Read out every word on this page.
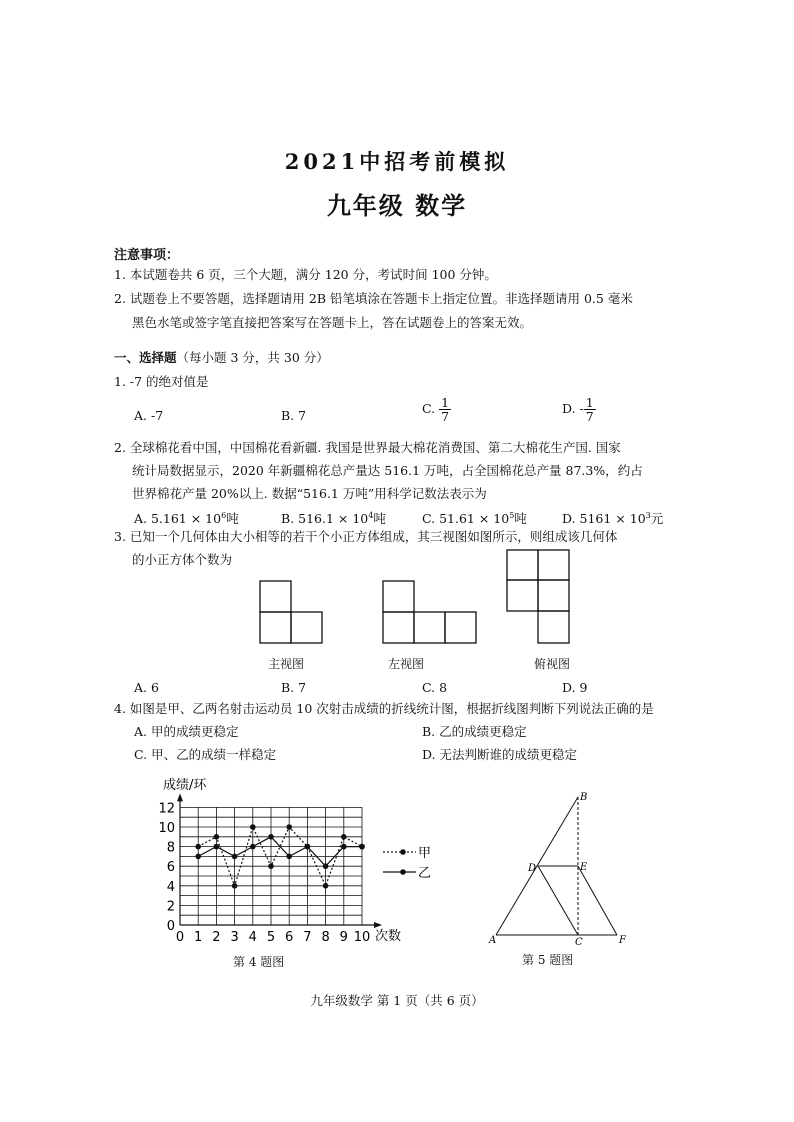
2021中招考前模拟
九年级 数学
注意事项：
1. 本试题卷共 6 页，三个大题，满分 120 分，考试时间 100 分钟。
2. 试题卷上不要答题，选择题请用 2B 铅笔填涂在答题卡上指定位置。非选择题请用 0.5 毫米
黑色水笔或签字笔直接把答案写在答题卡上，答在试题卷上的答案无效。
一、选择题（每小题 3 分，共 30 分）
1. -7 的绝对值是
A. -7	B. 7	C. $\frac{1}{7}$	D. - $\frac{1}{7}$
2. 全球棉花看中国，中国棉花看新疆. 我国是世界最大棉花消费国、第二大棉花生产国. 国家
统计局数据显示，2020 年新疆棉花总产量达 516.1 万吨，占全国棉花总产量 87.3%，约占
世界棉花产量 20%以上. 数据“516.1 万吨”用科学记数法表示为
A. $5.161 \times 10^6$吨	B. $516.1 \times 10^4$吨	C. $51.61 \times 10^5$吨	D. $5161 \times 10^3$元
3. 已知一个几何体由大小相等的若干个小正方体组成，其三视图如图所示，则组成该几何体
的小正方体个数为
主视图	左视图	俯视图
A. 6	B. 7	C. 8	D. 9
4. 如图是甲、乙两名射击运动员 10 次射击成绩的折线统计图，根据折线图判断下列说法正确的是
A. 甲的成绩更稳定	B. 乙的成绩更稳定
C. 甲、乙的成绩一样稳定	D. 无法判断谁的成绩更稳定
0 1 2 3 4 5 6 7 8 9 10
0
2
4
6
8
10
12
甲
乙
成绩/环
次数
第 4 题图
B
D	E
A	C	F
第 5 题图
九年级数学 第 1 页（共 6 页）
